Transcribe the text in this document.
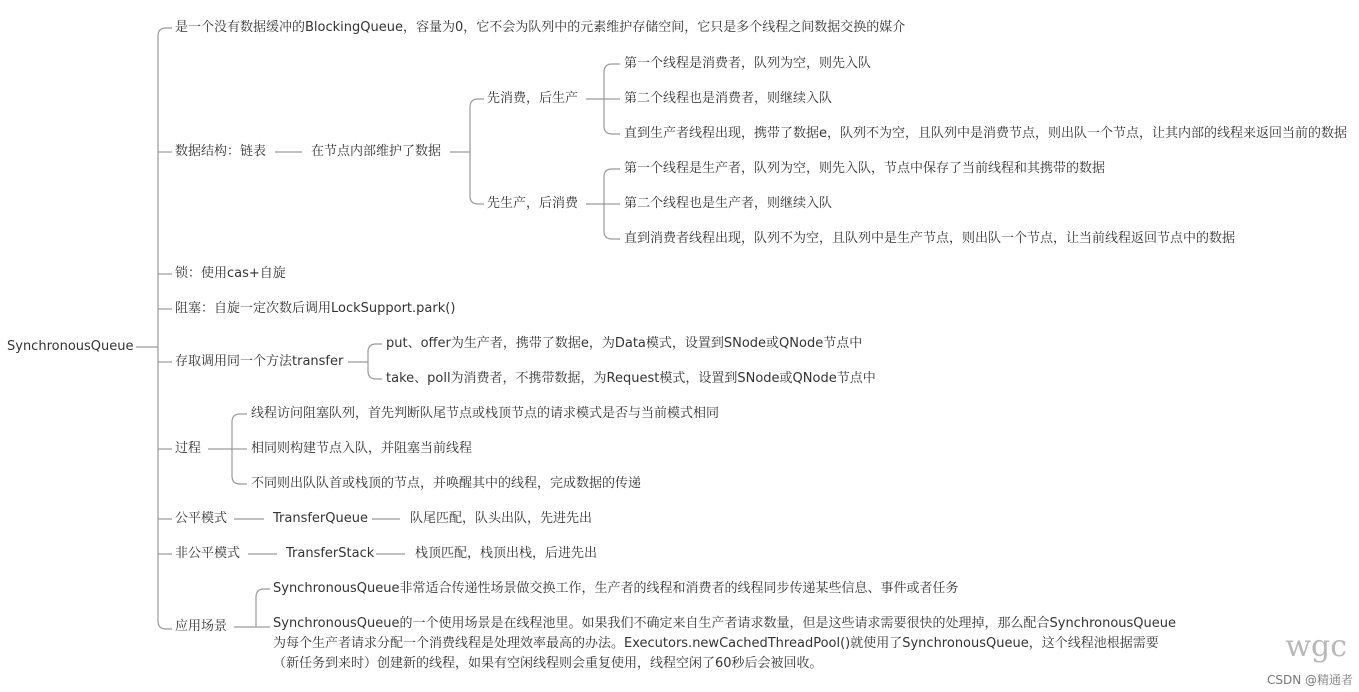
SynchronousQueue
是一个没有数据缓冲的BlockingQueue，容量为0，它不会为队列中的元素维护存储空间，它只是多个线程之间数据交换的媒介
数据结构：链表	在节点内部维护了数据
先消费，后生产
第一个线程是消费者，队列为空，则先入队
第二个线程也是消费者，则继续入队
直到生产者线程出现，携带了数据e，队列不为空，且队列中是消费节点，则出队一个节点，让其内部的线程来返回当前的数据
先生产，后消费
第一个线程是生产者，队列为空，则先入队，节点中保存了当前线程和其携带的数据
第二个线程也是生产者，则继续入队
直到消费者线程出现，队列不为空，且队列中是生产节点，则出队一个节点，让当前线程返回节点中的数据
锁：使用cas+自旋
阻塞：自旋一定次数后调用LockSupport.park()
存取调用同一个方法transfer
put、offer为生产者，携带了数据e，为Data模式，设置到SNode或QNode节点中
take、poll为消费者，不携带数据，为Request模式，设置到SNode或QNode节点中
过程
线程访问阻塞队列，首先判断队尾节点或栈顶节点的请求模式是否与当前模式相同
相同则构建节点入队，并阻塞当前线程
不同则出队队首或栈顶的节点，并唤醒其中的线程，完成数据的传递
公平模式	TransferQueue	队尾匹配，队头出队，先进先出
非公平模式	TransferStack	栈顶匹配，栈顶出栈，后进先出
应用场景
SynchronousQueue非常适合传递性场景做交换工作，生产者的线程和消费者的线程同步传递某些信息、事件或者任务
SynchronousQueue的一个使用场景是在线程池里。如果我们不确定来自生产者请求数量，但是这些请求需要很快的处理掉，那么配合SynchronousQueue
为每个生产者请求分配一个消费线程是处理效率最高的办法。Executors.newCachedThreadPool()就使用了SynchronousQueue，这个线程池根据需要
（新任务到来时）创建新的线程，如果有空闲线程则会重复使用，线程空闲了60秒后会被回收。
CSDN @精通者
wgc
